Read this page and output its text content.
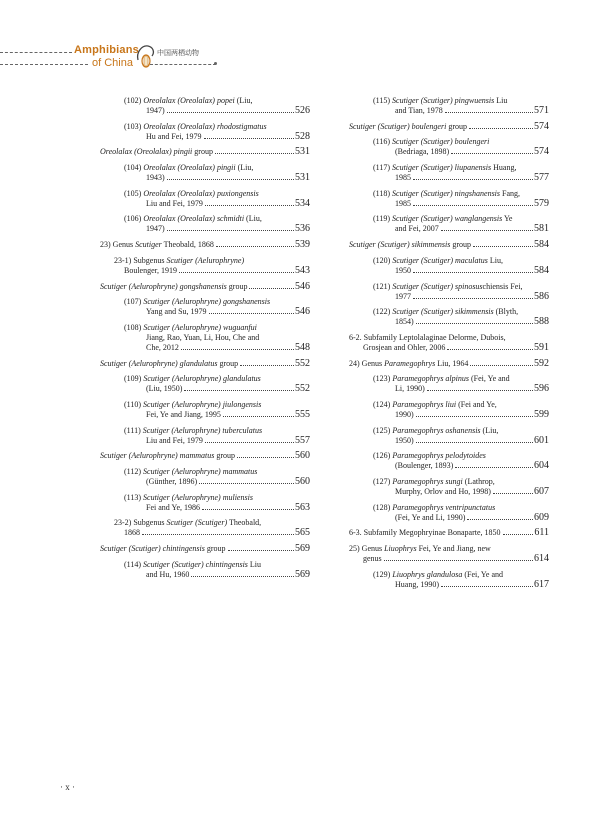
Amphibians
of China
中国两栖动物
(102) Oreolalax (Oreolalax) popei (Liu,
1947)	526
(103) Oreolalax (Oreolalax) rhodostigmatus
Hu and Fei, 1979	528
Oreolalax (Oreolalax) pingii group	531
(104) Oreolalax (Oreolalax) pingii (Liu,
1943)	531
(105) Oreolalax (Oreolalax) puxiongensis
Liu and Fei, 1979	534
(106) Oreolalax (Oreolalax) schmidti (Liu,
1947)	536
23) Genus Scutiger Theobald, 1868	539
23-1) Subgenus Scutiger (Aelurophryne)
Boulenger, 1919	543
Scutiger (Aelurophryne) gongshanensis group	546
(107) Scutiger (Aelurophryne) gongshanensis
Yang and Su, 1979	546
(108) Scutiger (Aelurophryne) wuguanfui
Jiang, Rao, Yuan, Li, Hou, Che and
Che, 2012	548
Scutiger (Aelurophryne) glandulatus group	552
(109) Scutiger (Aelurophryne) glandulatus
(Liu, 1950)	552
(110) Scutiger (Aelurophryne) jiulongensis
Fei, Ye and Jiang, 1995	555
(111) Scutiger (Aelurophryne) tuberculatus
Liu and Fei, 1979	557
Scutiger (Aelurophryne) mammatus group	560
(112) Scutiger (Aelurophryne) mammatus
(Günther, 1896)	560
(113) Scutiger (Aelurophryne) muliensis
Fei and Ye, 1986	563
23-2) Subgenus Scutiger (Scutiger) Theobald,
1868	565
Scutiger (Scutiger) chintingensis group	569
(114) Scutiger (Scutiger) chintingensis Liu
and Hu, 1960	569
(115) Scutiger (Scutiger) pingwuensis Liu
and Tian, 1978	571
Scutiger (Scutiger) boulengeri group	574
(116) Scutiger (Scutiger) boulengeri
(Bedriaga, 1898)	574
(117) Scutiger (Scutiger) liupanensis Huang,
1985	577
(118) Scutiger (Scutiger) ningshanensis Fang,
1985	579
(119) Scutiger (Scutiger) wanglangensis Ye
and Fei, 2007	581
Scutiger (Scutiger) sikimmensis group	584
(120) Scutiger (Scutiger) maculatus Liu,
1950	584
(121) Scutiger (Scutiger) spinosuschiensis Fei,
1977	586
(122) Scutiger (Scutiger) sikimmensis (Blyth,
1854)	588
6-2. Subfamily Leptolalaginae Delorme, Dubois,
Grosjean and Ohler, 2006	591
24) Genus Paramegophrys Liu, 1964	592
(123) Paramegophrys alpinus (Fei, Ye and
Li, 1990)	596
(124) Paramegophrys liui (Fei and Ye,
1990)	599
(125) Paramegophrys oshanensis (Liu,
1950)	601
(126) Paramegophrys pelodytoides
(Boulenger, 1893)	604
(127) Paramegophrys sungi (Lathrop,
Murphy, Orlov and Ho, 1998)	607
(128) Paramegophrys ventripunctatus
(Fei, Ye and Li, 1990)	609
6-3. Subfamily Megophryinae Bonaparte, 1850	611
25) Genus Liuophrys Fei, Ye and Jiang, new
genus	614
(129) Liuophrys glandulosa (Fei, Ye and
Huang, 1990)	617
· x ·
